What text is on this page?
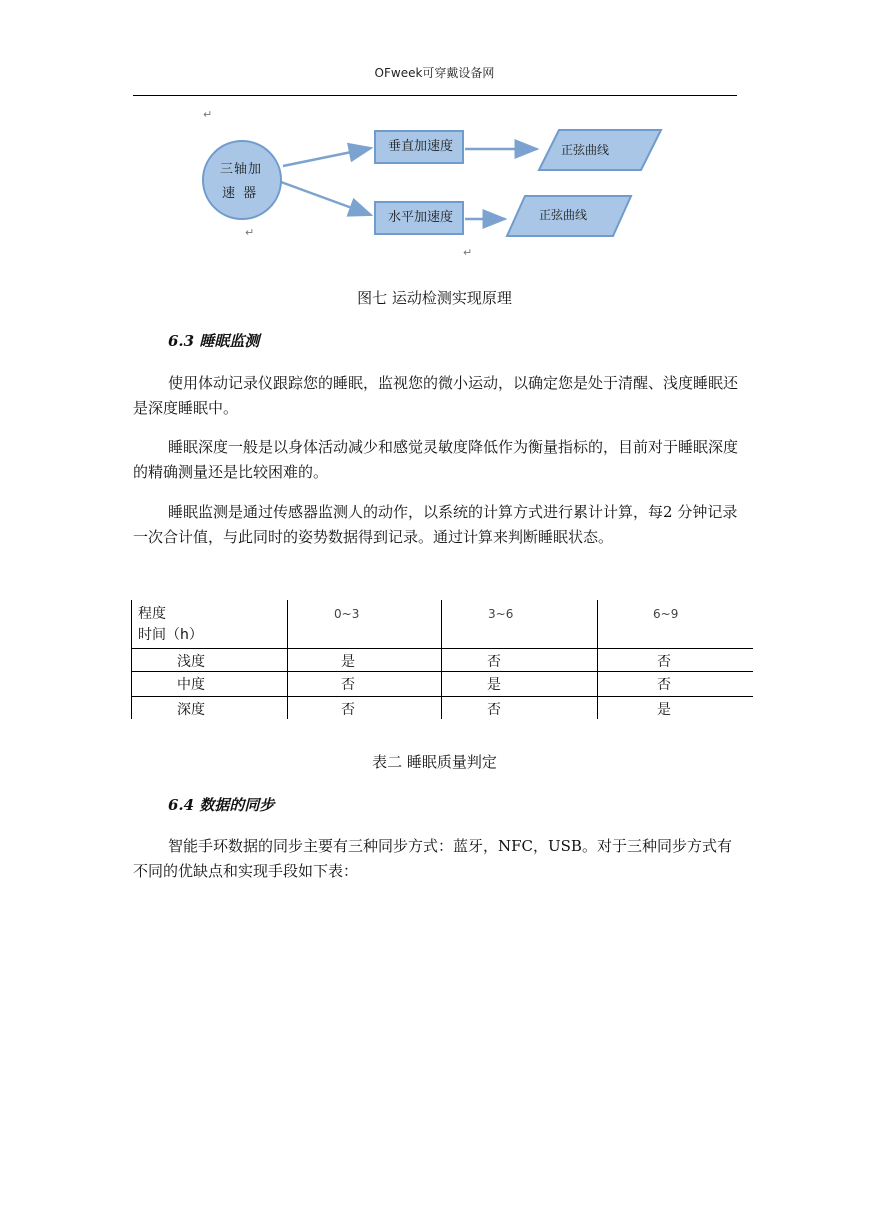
OFweek可穿戴设备网
↵
↵
↵
三轴加
速 器
垂直加速度
水平加速度
正弦曲线
正弦曲线
图七 运动检测实现原理
6.3 睡眠监测

使用体动记录仪跟踪您的睡眠，监视您的微小运动，以确定您是处于清醒、浅度睡眠还是深度睡眠中。

睡眠深度一般是以身体活动减少和感觉灵敏度降低作为衡量指标的，目前对于睡眠深度的精确测量还是比较困难的。

睡眠监测是通过传感器监测人的动作，以系统的计算方式进行累计计算，每2 分钟记录一次合计值，与此同时的姿势数据得到记录。通过计算来判断睡眠状态。

程度
时间（h）
0~3	3~6	6~9
浅度	是	否	否
中度	否	是	否
深度	否	否	是
表二 睡眠质量判定
6.4 数据的同步

智能手环数据的同步主要有三种同步方式：蓝牙，NFC，USB。对于三种同步方式有不同的优缺点和实现手段如下表：
